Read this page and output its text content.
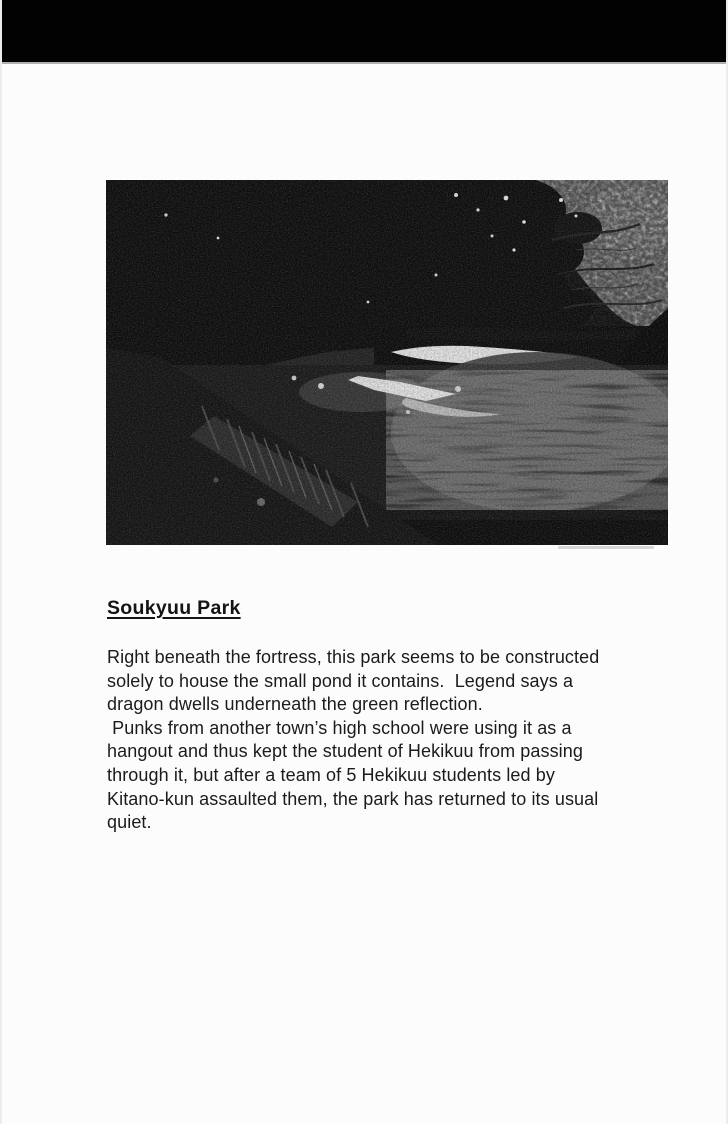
Soukyuu Park
Right beneath the fortress, this park seems to be constructed
solely to house the small pond it contains.  Legend says a
dragon dwells underneath the green reflection.
Punks from another town’s high school were using it as a
hangout and thus kept the student of Hekikuu from passing
through it, but after a team of 5 Hekikuu students led by
Kitano-kun assaulted them, the park has returned to its usual
quiet.
